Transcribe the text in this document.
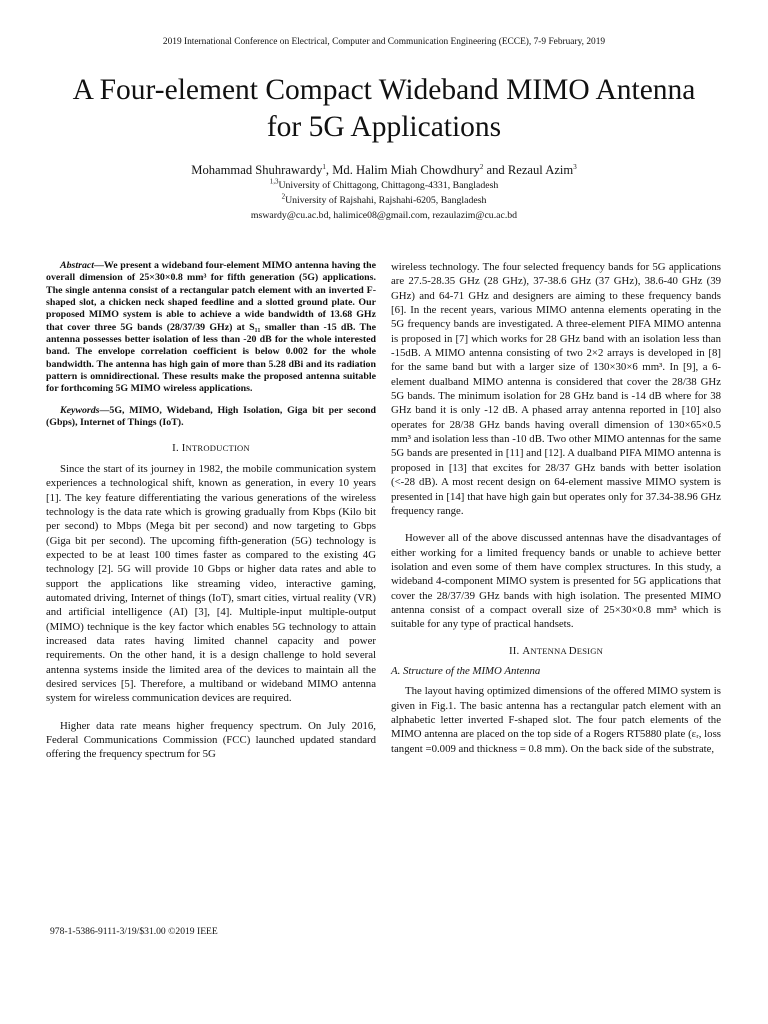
2019 International Conference on Electrical, Computer and Communication Engineering (ECCE), 7-9 February, 2019
A Four-element Compact Wideband MIMO Antenna
for 5G Applications
Mohammad Shuhrawardy$^1$, Md. Halim Miah Chowdhury$^2$ and Rezaul Azim$^3$
$^{1,3}$University of Chittagong, Chittagong-4331, Bangladesh
$^2$University of Rajshahi, Rajshahi-6205, Bangladesh
mswardy@cu.ac.bd, halimice08@gmail.com, rezaulazim@cu.ac.bd

Abstract—We present a wideband four-element MIMO antenna having the overall dimension of 25×30×0.8 mm³ for fifth generation (5G) applications. The single antenna consist of a rectangular patch element with an inverted F-shaped slot, a chicken neck shaped feedline and a slotted ground plate. Our proposed MIMO system is able to achieve a wide bandwidth of 13.68 GHz that cover three 5G bands (28/37/39 GHz) at S₁₁ smaller than -15 dB. The antenna possesses better isolation of less than -20 dB for the whole interested band. The envelope correlation coefficient is below 0.002 for the whole bandwidth. The antenna has high gain of more than 5.28 dBi and its radiation pattern is omnidirectional. These results make the proposed antenna suitable for forthcoming 5G MIMO wireless applications.

Keywords—5G, MIMO, Wideband, High Isolation, Giga bit per second (Gbps), Internet of Things (IoT).

I. INTRODUCTION

Since the start of its journey in 1982, the mobile communication system experiences a technological shift, known as generation, in every 10 years [1]. The key feature differentiating the various generations of the wireless technology is the data rate which is growing gradually from Kbps (Kilo bit per second) to Mbps (Mega bit per second) and now targeting to Gbps (Giga bit per second). The upcoming fifth-generation (5G) technology is expected to be at least 100 times faster as compared to the existing 4G technology [2]. 5G will provide 10 Gbps or higher data rates and able to support the applications like streaming video, interactive gaming, automated driving, Internet of things (IoT), smart cities, virtual reality (VR) and artificial intelligence (AI) [3], [4]. Multiple-input multiple-output (MIMO) technique is the key factor which enables 5G technology to attain increased data rates having limited channel capacity and power requirements. On the other hand, it is a design challenge to hold several antenna systems inside the limited area of the devices to maintain all the desired services [5]. Therefore, a multiband or wideband MIMO antenna system for wireless communication devices are required.

Higher data rate means higher frequency spectrum. On July 2016, Federal Communications Commission (FCC) launched updated standard offering the frequency spectrum for 5G

wireless technology. The four selected frequency bands for 5G applications are 27.5-28.35 GHz (28 GHz), 37-38.6 GHz (37 GHz), 38.6-40 GHz (39 GHz) and 64-71 GHz and designers are aiming to these frequency bands [6]. In the recent years, various MIMO antenna elements operating in the 5G frequency bands are investigated. A three-element PIFA MIMO antenna is proposed in [7] which works for 28 GHz band with an isolation less than -15dB. A MIMO antenna consisting of two 2×2 arrays is developed in [8] for the same band but with a larger size of 130×30×6 mm³. In [9], a 6-element dualband MIMO antenna is considered that cover the 28/38 GHz 5G bands. The minimum isolation for 28 GHz band is -14 dB where for 38 GHz band it is only -12 dB. A phased array antenna reported in [10] also operates for 28/38 GHz bands having overall dimension of 130×65×0.5 mm³ and isolation less than -10 dB. Two other MIMO antennas for the same 5G bands are presented in [11] and [12]. A dualband PIFA MIMO antenna is proposed in [13] that excites for 28/37 GHz bands with better isolation (<-28 dB). A most recent design on 64-element massive MIMO system is presented in [14] that have high gain but operates only for 37.34-38.96 GHz frequency range.

However all of the above discussed antennas have the disadvantages of either working for a limited frequency bands or unable to achieve better isolation and even some of them have complex structures. In this study, a wideband 4-component MIMO system is presented for 5G applications that cover the 28/37/39 GHz bands with high isolation. The presented MIMO antenna consist of a compact overall size of 25×30×0.8 mm³ which is suitable for any type of practical handsets.

II. ANTENNA DESIGN
A. Structure of the MIMO Antenna

The layout having optimized dimensions of the offered MIMO system is given in Fig.1. The basic antenna has a rectangular patch element with an alphabetic letter inverted F-shaped slot. The four patch elements of the MIMO antenna are placed on the top side of a Rogers RT5880 plate (εᵣ, loss tangent =0.009 and thickness = 0.8 mm). On the back side of the substrate,

978-1-5386-9111-3/19/$31.00 ©2019 IEEE
